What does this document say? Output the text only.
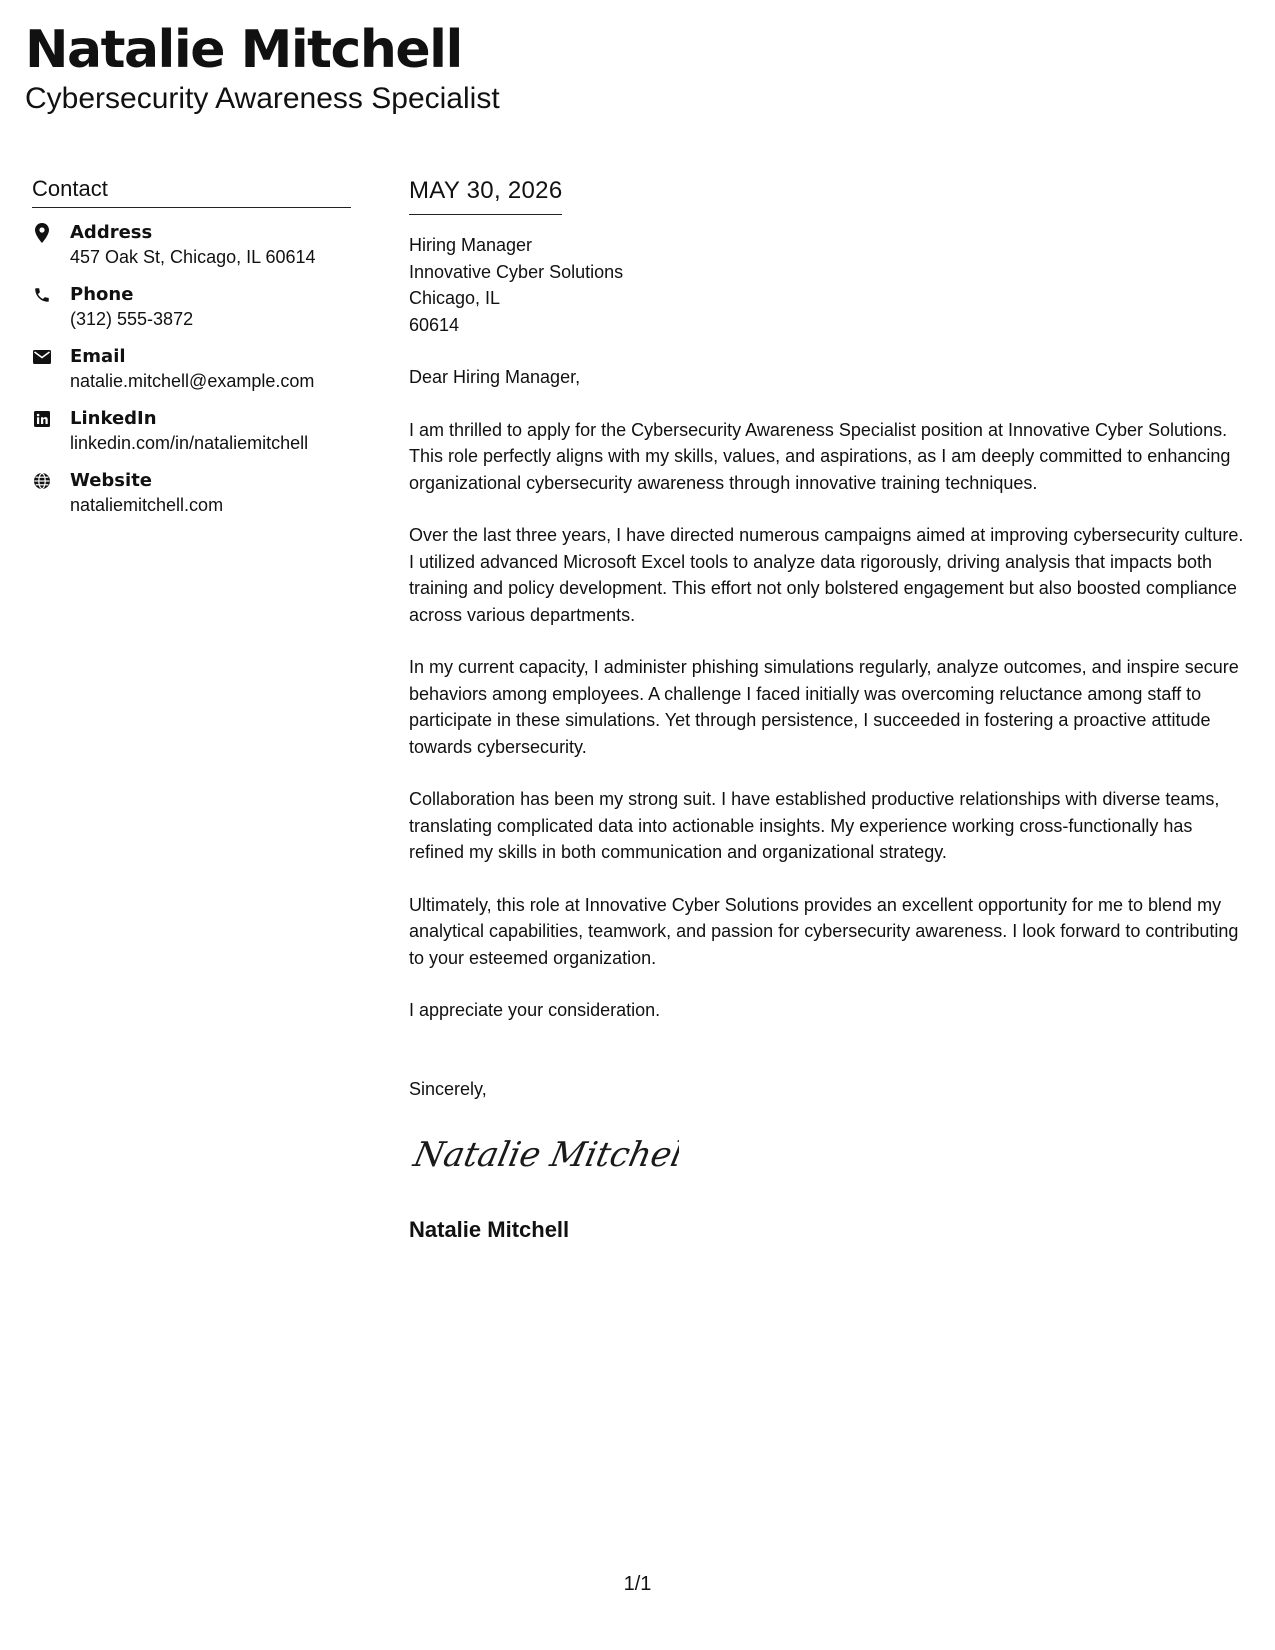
Natalie Mitchell
Cybersecurity Awareness Specialist
Contact
Address
457 Oak St, Chicago, IL 60614
Phone
(312) 555-3872
Email
natalie.mitchell@example.com
LinkedIn
linkedin.com/in/nataliemitchell
Website
nataliemitchell.com
MAY 30, 2026
Hiring Manager
Innovative Cyber Solutions
Chicago, IL
60614
Dear Hiring Manager,

I am thrilled to apply for the Cybersecurity Awareness Specialist position at Innovative Cyber Solutions. This role perfectly aligns with my skills, values, and aspirations, as I am deeply committed to enhancing organizational cybersecurity awareness through innovative training techniques.

Over the last three years, I have directed numerous campaigns aimed at improving cybersecurity culture. I utilized advanced Microsoft Excel tools to analyze data rigorously, driving analysis that impacts both training and policy development. This effort not only bolstered engagement but also boosted compliance across various departments.

In my current capacity, I administer phishing simulations regularly, analyze outcomes, and inspire secure behaviors among employees. A challenge I faced initially was overcoming reluctance among staff to participate in these simulations. Yet through persistence, I succeeded in fostering a proactive attitude towards cybersecurity.

Collaboration has been my strong suit. I have established productive relationships with diverse teams, translating complicated data into actionable insights. My experience working cross-functionally has refined my skills in both communication and organizational strategy.

Ultimately, this role at Innovative Cyber Solutions provides an excellent opportunity for me to blend my analytical capabilities, teamwork, and passion for cybersecurity awareness. I look forward to contributing to your esteemed organization.

I appreciate your consideration.
Sincerely,
Natalie Mitchell
Natalie Mitchell
1/1
